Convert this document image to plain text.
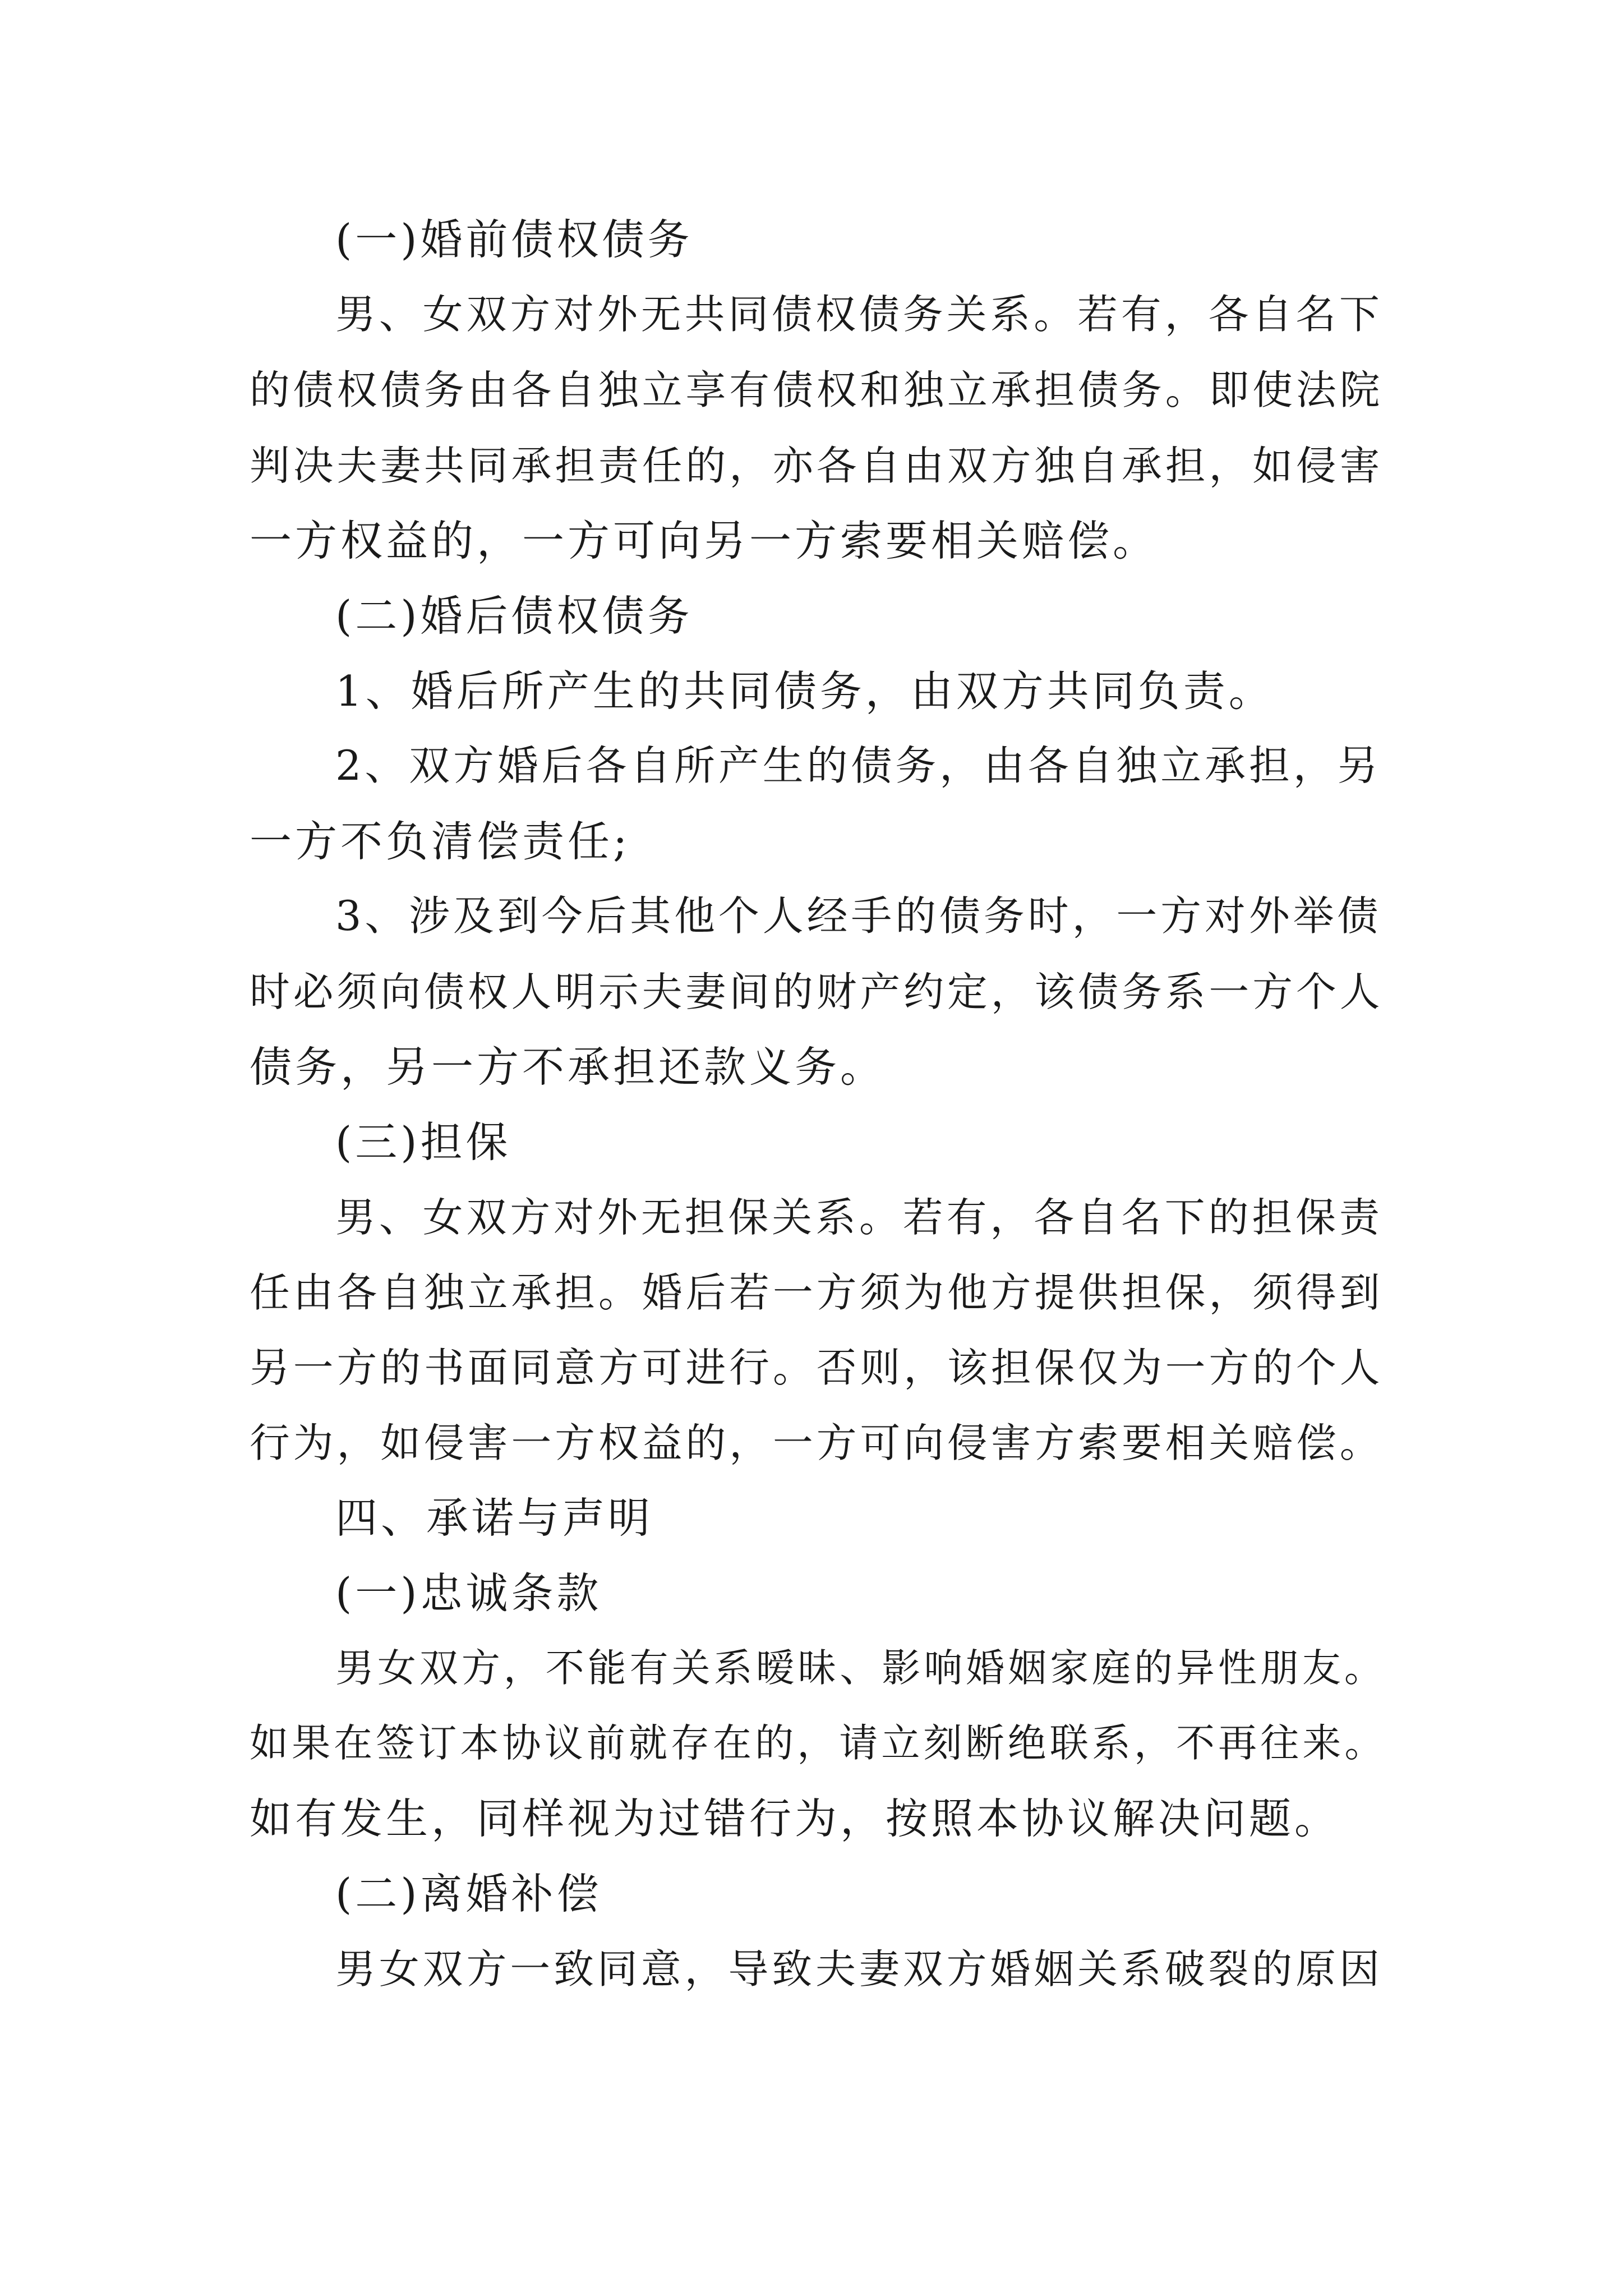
(一)婚前债权债务
男、女双方对外无共同债权债务关系。若有，各自名下
的债权债务由各自独立享有债权和独立承担债务。即使法院
判决夫妻共同承担责任的，亦各自由双方独自承担，如侵害
一方权益的，一方可向另一方索要相关赔偿。
(二)婚后债权债务
1、婚后所产生的共同债务，由双方共同负责。
2、双方婚后各自所产生的债务，由各自独立承担，另
一方不负清偿责任;
3、涉及到今后其他个人经手的债务时，一方对外举债
时必须向债权人明示夫妻间的财产约定，该债务系一方个人
债务，另一方不承担还款义务。
(三)担保
男、女双方对外无担保关系。若有，各自名下的担保责
任由各自独立承担。婚后若一方须为他方提供担保，须得到
另一方的书面同意方可进行。否则，该担保仅为一方的个人
行为，如侵害一方权益的，一方可向侵害方索要相关赔偿。
四、承诺与声明
(一)忠诚条款
男女双方，不能有关系暧昧、影响婚姻家庭的异性朋友。
如果在签订本协议前就存在的，请立刻断绝联系，不再往来。
如有发生，同样视为过错行为，按照本协议解决问题。
(二)离婚补偿
男女双方一致同意，导致夫妻双方婚姻关系破裂的原因
